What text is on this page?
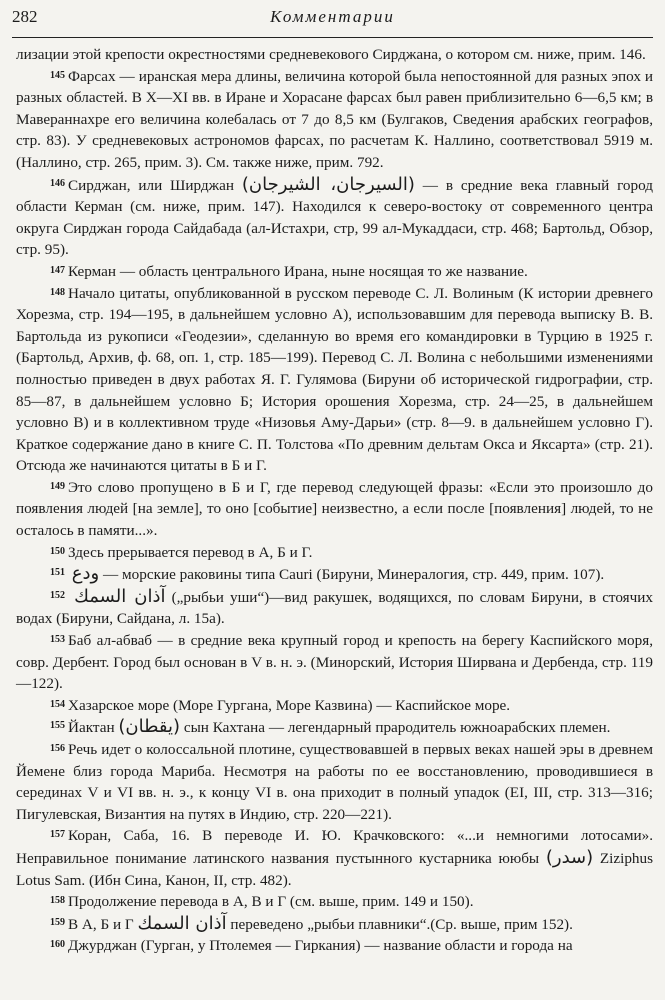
282	Комментарии

лизации этой крепости окрестностями средневекового Сирджана, о котором см. ниже, прим. 146.

$^{145}$ Фарсах — иранская мера длины, величина которой была непостоянной для разных эпох и разных областей. В X—XI вв. в Иране и Хорасане фарсах был равен приблизительно 6—6,5 км; в Мавераннахре его величина колебалась от 7 до 8,5 км (Булгаков, Сведения арабских географов, стр. 83). У средневековых астрономов фарсах, по расчетам К. Наллино, соответствовал 5919 м. (Наллино, стр. 265, прим. 3). См. также ниже, прим. 792.

$^{146}$ Сирджан, или Ширджан (السيرجان، الشيرجان) — в средние века главный город области Керман (см. ниже, прим. 147). Находился к северо-востоку от современного центра округа Сирджан города Сайдабада (ал-Истахри, стр, 99 ал-Мукаддаси, стр. 468; Бартольд, Обзор, стр. 95).

$^{147}$ Керман — область центрального Ирана, ныне носящая то же название.

$^{148}$ Начало цитаты, опубликованной в русском переводе С. Л. Волиным (К истории древнего Хорезма, стр. 194—195, в дальнейшем условно А), использовавшим для перевода выписку В. В. Бартольда из рукописи «Геодезии», сделанную во время его командировки в Турцию в 1925 г. (Бартольд, Архив, ф. 68, оп. 1, стр. 185—199). Перевод С. Л. Волина с небольшими изменениями полностью приведен в двух работах Я. Г. Гулямова (Бируни об исторической гидрографии, стр. 85—87, в дальнейшем условно Б; История орошения Хорезма, стр. 24—25, в дальнейшем условно В) и в коллективном труде «Низовья Аму-Дарьи» (стр. 8—9. в дальнейшем условно Г). Краткое содержание дано в книге С. П. Толстова «По древним дельтам Окса и Яксарта» (стр. 21). Отсюда же начинаются цитаты в Б и Г.

$^{149}$ Это слово пропущено в Б и Г, где перевод следующей фразы: «Если это произошло до появления людей [на земле], то оно [событие] неизвестно, а если после [появления] людей, то не осталось в памяти...».

$^{150}$ Здесь прерывается перевод в А, Б и Г.

$^{151}$ ودع — морские раковины типа Cauri (Бируни, Минералогия, стр. 449, прим. 107).

$^{152}$ آذان السمك („рыбьи уши“)—вид ракушек, водящихся, по словам Бируни, в стоячих водах (Бируни, Сайдана, л. 15а).

$^{153}$ Баб ал-абваб — в средние века крупный город и крепость на берегу Каспийского моря, совр. Дербент. Город был основан в V в. н. э. (Минорский, История Ширвана и Дербенда, стр. 119—122).

$^{154}$ Хазарское море (Море Гургана, Море Казвина) — Каспийское море.

$^{155}$ Йактан (يقطان) сын Кахтана — легендарный прародитель южноарабских племен.

$^{156}$ Речь идет о колоссальной плотине, существовавшей в первых веках нашей эры в древнем Йемене близ города Мариба. Несмотря на работы по ее восстановлению, проводившиеся в серединах V и VI вв. н. э., к концу VI в. она приходит в полный упадок (EI, III, стр. 313—316; Пигулевская, Византия на путях в Индию, стр. 220—221).

$^{157}$ Коран, Саба, 16. В переводе И. Ю. Крачковского: «...и немногими лотосами». Неправильное понимание латинского названия пустынного кустарника ююбы (سدر) Ziziphus Lotus Sam. (Ибн Сина, Канон, II, стр. 482).

$^{158}$ Продолжение перевода в А, В и Г (см. выше, прим. 149 и 150).

$^{159}$ В А, Б и Г آذان السمك переведено „рыбьи плавники“.(Ср. выше, прим 152).

$^{160}$ Джурджан (Гурган, у Птолемея — Гиркания) — название области и города на
